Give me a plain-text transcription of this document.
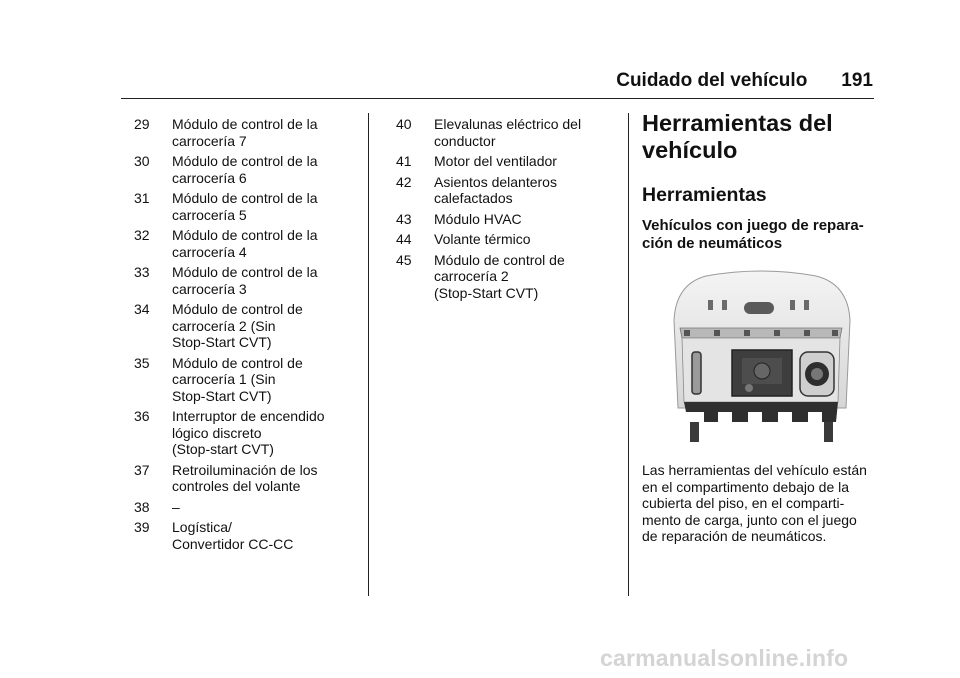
Cuidado del vehículo 191
29	Módulo de control de la
carrocería 7
30	Módulo de control de la
carrocería 6
31	Módulo de control de la
carrocería 5
32	Módulo de control de la
carrocería 4
33	Módulo de control de la
carrocería 3
34	Módulo de control de
carrocería 2 (Sin
Stop-Start CVT)
35	Módulo de control de
carrocería 1 (Sin
Stop-Start CVT)
36	Interruptor de encendido
lógico discreto
(Stop-start CVT)
37	Retroiluminación de los
controles del volante
38	–
39	Logística/
Convertidor CC-CC
40	Elevalunas eléctrico del
conductor
41	Motor del ventilador
42	Asientos delanteros
calefactados
43	Módulo HVAC
44	Volante térmico
45	Módulo de control de
carrocería 2
(Stop-Start CVT)
Herramientas del
vehículo
Herramientas
Vehículos con juego de repara-
ción de neumáticos
Las herramientas del vehículo están
en el compartimento debajo de la
cubierta del piso, en el comparti-
mento de carga, junto con el juego
de reparación de neumáticos.
carmanualsonline.info
